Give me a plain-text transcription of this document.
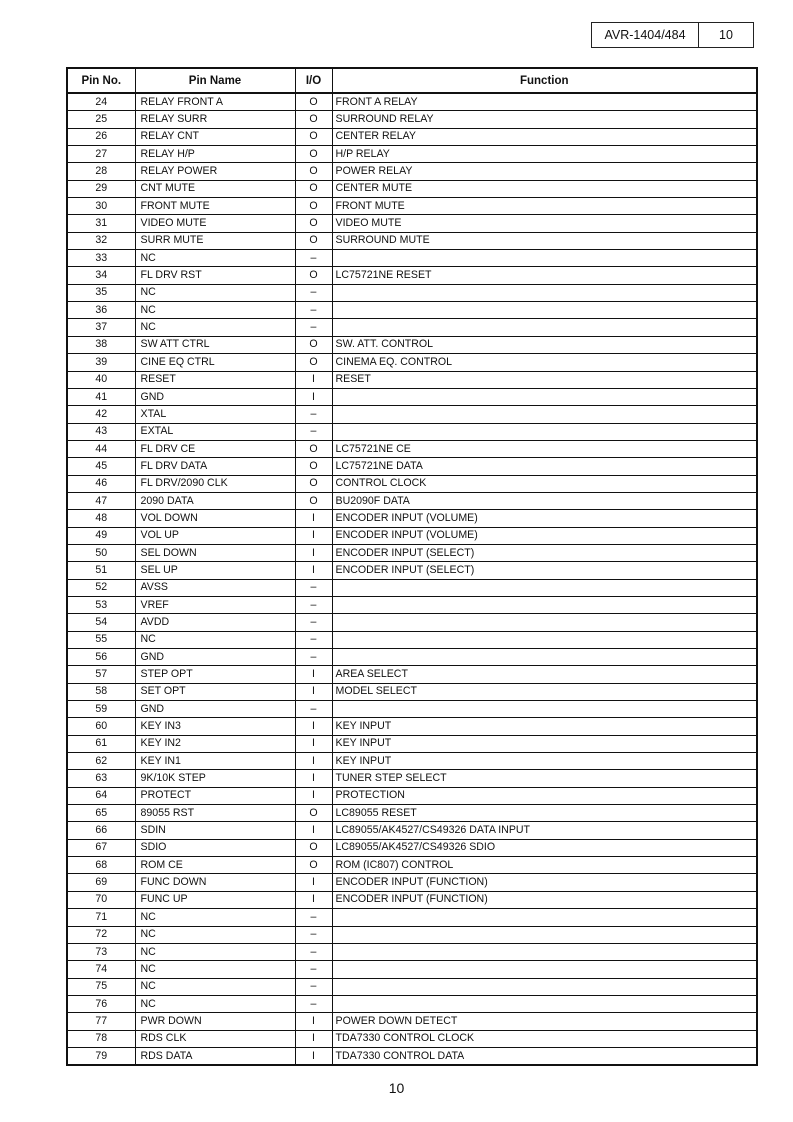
AVR-1404/484	10
Pin No.	Pin Name	I/O	Function
24	RELAY FRONT A	O	FRONT A RELAY
25	RELAY SURR	O	SURROUND RELAY
26	RELAY CNT	O	CENTER RELAY
27	RELAY H/P	O	H/P RELAY
28	RELAY POWER	O	POWER RELAY
29	CNT MUTE	O	CENTER MUTE
30	FRONT MUTE	O	FRONT MUTE
31	VIDEO MUTE	O	VIDEO MUTE
32	SURR MUTE	O	SURROUND MUTE
33	NC	–	
34	FL DRV RST	O	LC75721NE RESET
35	NC	–	
36	NC	–	
37	NC	–	
38	SW ATT CTRL	O	SW. ATT. CONTROL
39	CINE EQ CTRL	O	CINEMA EQ. CONTROL
40	RESET	I	RESET
41	GND	I	
42	XTAL	–	
43	EXTAL	–	
44	FL DRV CE	O	LC75721NE CE
45	FL DRV DATA	O	LC75721NE DATA
46	FL DRV/2090 CLK	O	CONTROL CLOCK
47	2090 DATA	O	BU2090F DATA
48	VOL DOWN	I	ENCODER INPUT (VOLUME)
49	VOL UP	I	ENCODER INPUT (VOLUME)
50	SEL DOWN	I	ENCODER INPUT (SELECT)
51	SEL UP	I	ENCODER INPUT (SELECT)
52	AVSS	–	
53	VREF	–	
54	AVDD	–	
55	NC	–	
56	GND	–	
57	STEP OPT	I	AREA SELECT
58	SET OPT	I	MODEL SELECT
59	GND	–	
60	KEY IN3	I	KEY INPUT
61	KEY IN2	I	KEY INPUT
62	KEY IN1	I	KEY INPUT
63	9K/10K STEP	I	TUNER STEP SELECT
64	PROTECT	I	PROTECTION
65	89055 RST	O	LC89055 RESET
66	SDIN	I	LC89055/AK4527/CS49326 DATA INPUT
67	SDIO	O	LC89055/AK4527/CS49326 SDIO
68	ROM CE	O	ROM (IC807) CONTROL
69	FUNC DOWN	I	ENCODER INPUT (FUNCTION)
70	FUNC UP	I	ENCODER INPUT (FUNCTION)
71	NC	–	
72	NC	–	
73	NC	–	
74	NC	–	
75	NC	–	
76	NC	–	
77	PWR DOWN	I	POWER DOWN DETECT
78	RDS CLK	I	TDA7330 CONTROL CLOCK
79	RDS DATA	I	TDA7330 CONTROL DATA
10
